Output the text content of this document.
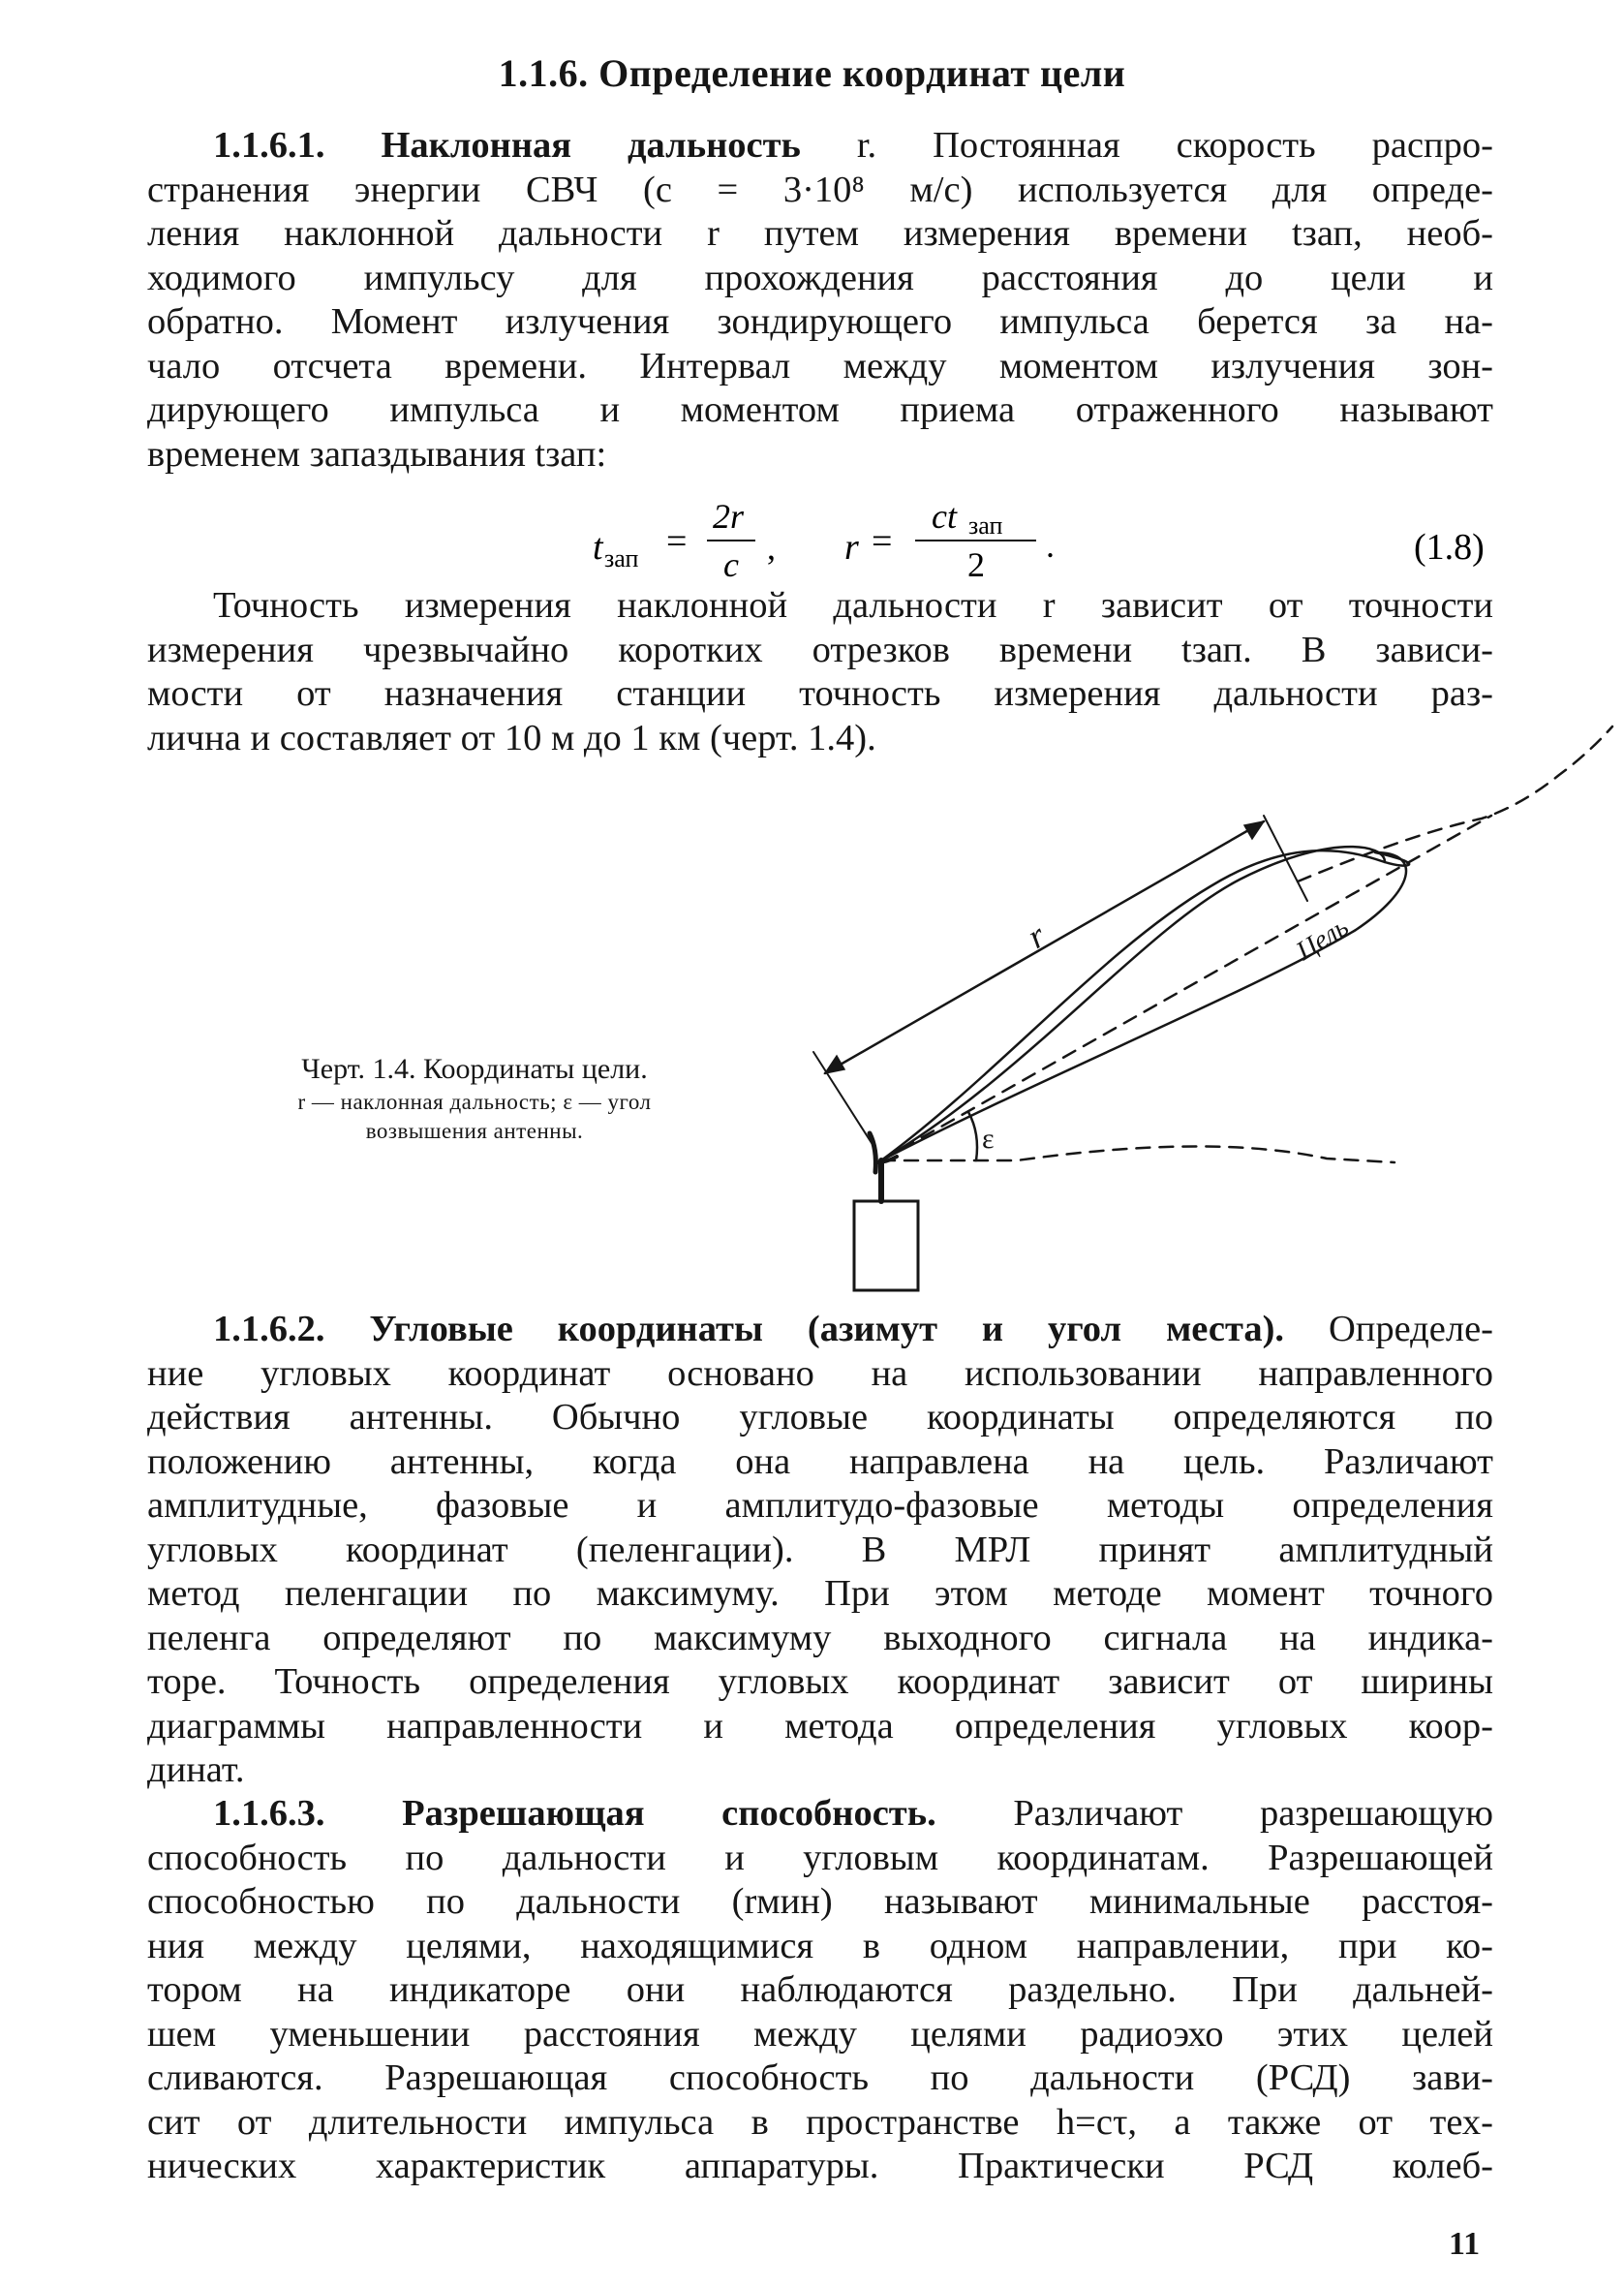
1.1.6. Определение координат цели
1.1.6.1. Наклонная дальность r. Постоянная скорость распро-
странения энергии СВЧ (с = 3·10⁸ м/с) используется для опреде-
ления наклонной дальности r путем измерения времени tзап, необ-
ходимого импульсу для прохождения расстояния до цели и
обратно. Момент излучения зондирующего импульса берется за на-
чало отсчета времени. Интервал между моментом излучения зон-
дирующего импульса и моментом приема отраженного называют
временем запаздывания tзап:
t зап =
2r
c , r =
ct зап
2 .	(1.8)
Точность измерения наклонной дальности r зависит от точности
измерения чрезвычайно коротких отрезков времени tзап. В зависи-
мости от назначения станции точность измерения дальности раз-
лична и составляет от 10 м до 1 км (черт. 1.4).
Черт. 1.4. Координаты цели.
r — наклонная дальность; ε — угол
возвышения антенны.
r	Цель
ε
1.1.6.2. Угловые координаты (азимут и угол места). Определе-
ние угловых координат основано на использовании направленного
действия антенны. Обычно угловые координаты определяются по
положению антенны, когда она направлена на цель. Различают
амплитудные, фазовые и амплитудо-фазовые методы определения
угловых координат (пеленгации). В МРЛ принят амплитудный
метод пеленгации по максимуму. При этом методе момент точного
пеленга определяют по максимуму выходного сигнала на индика-
торе. Точность определения угловых координат зависит от ширины
диаграммы направленности и метода определения угловых коор-
динат.
1.1.6.3. Разрешающая способность. Различают разрешающую
способность по дальности и угловым координатам. Разрешающей
способностью по дальности (rмин) называют минимальные расстоя-
ния между целями, находящимися в одном направлении, при ко-
тором на индикаторе они наблюдаются раздельно. При дальней-
шем уменьшении расстояния между целями радиоэхо этих целей
сливаются. Разрешающая способность по дальности (РСД) зави-
сит от длительности импульса в пространстве h=cτ, а также от тех-
нических характеристик аппаратуры. Практически РСД колеб-
11
